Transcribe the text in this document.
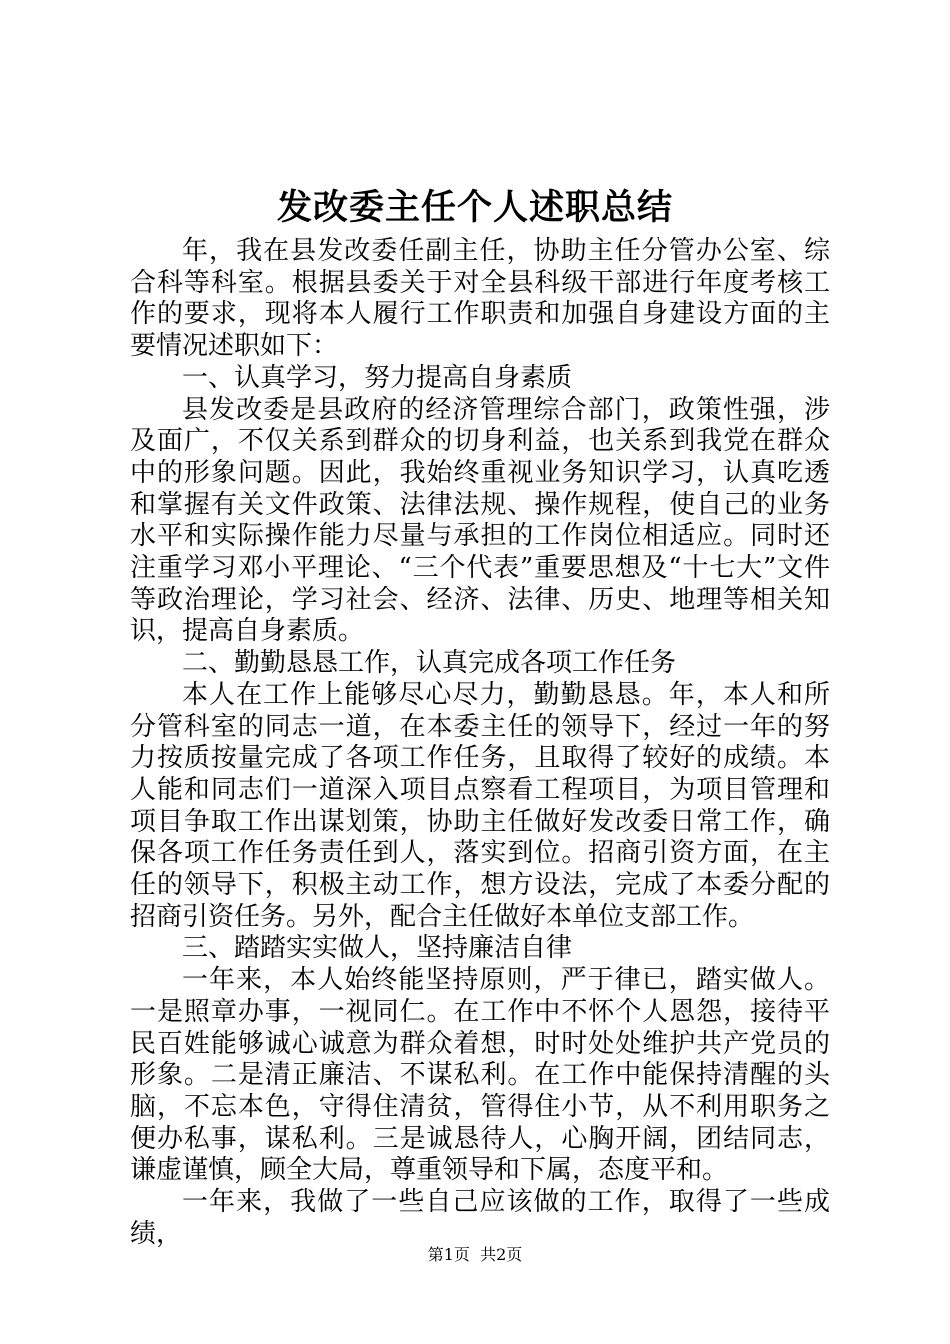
发改委主任个人述职总结

年，我在县发改委任副主任，协助主任分管办公室、综合科等科室。根据县委关于对全县科级干部进行年度考核工作的要求，现将本人履行工作职责和加强自身建设方面的主要情况述职如下：

一、认真学习，努力提高自身素质

县发改委是县政府的经济管理综合部门，政策性强，涉及面广，不仅关系到群众的切身利益，也关系到我党在群众中的形象问题。因此，我始终重视业务知识学习，认真吃透和掌握有关文件政策、法律法规、操作规程，使自己的业务水平和实际操作能力尽量与承担的工作岗位相适应。同时还注重学习邓小平理论、“三个代表”重要思想及“十七大”文件等政治理论，学习社会、经济、法律、历史、地理等相关知识，提高自身素质。

二、勤勤恳恳工作，认真完成各项工作任务

本人在工作上能够尽心尽力，勤勤恳恳。年，本人和所分管科室的同志一道，在本委主任的领导下，经过一年的努力按质按量完成了各项工作任务，且取得了较好的成绩。本人能和同志们一道深入项目点察看工程项目，为项目管理和项目争取工作出谋划策，协助主任做好发改委日常工作，确保各项工作任务责任到人，落实到位。招商引资方面，在主任的领导下，积极主动工作，想方设法，完成了本委分配的招商引资任务。另外，配合主任做好本单位支部工作。

三、踏踏实实做人，坚持廉洁自律

一年来，本人始终能坚持原则，严于律已，踏实做人。一是照章办事，一视同仁。在工作中不怀个人恩怨，接待平民百姓能够诚心诚意为群众着想，时时处处维护共产党员的形象。二是清正廉洁、不谋私利。在工作中能保持清醒的头脑，不忘本色，守得住清贫，管得住小节，从不利用职务之便办私事，谋私利。三是诚恳待人，心胸开阔，团结同志，谦虚谨慎，顾全大局，尊重领导和下属，态度平和。

一年来，我做了一些自己应该做的工作，取得了一些成绩，

第1页  共2页
